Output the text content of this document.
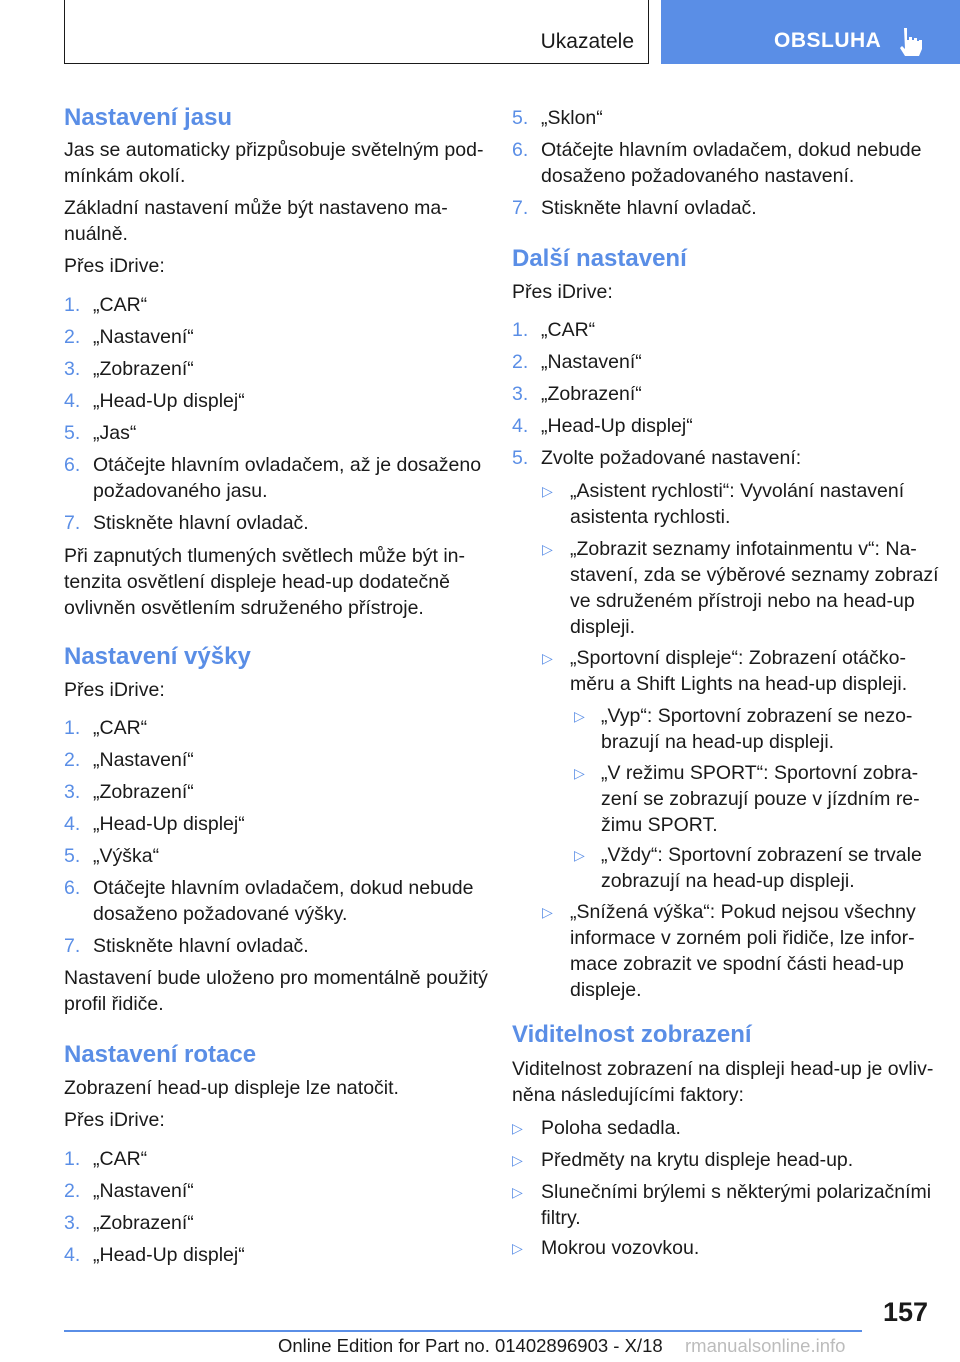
Ukazatele	OBSLUHA
Nastavení jasu
Jas se automaticky přizpůsobuje světelným pod-
mínkám okolí.
Základní nastavení může být nastaveno ma-
nuálně.
Přes iDrive:
1. „CAR“
2. „Nastavení“
3. „Zobrazení“
4. „Head-Up displej“
5. „Jas“
6. Otáčejte hlavním ovladačem, až je dosaženo
požadovaného jasu.
7. Stiskněte hlavní ovladač.
Při zapnutých tlumených světlech může být in-
tenzita osvětlení displeje head-up dodatečně
ovlivněn osvětlením sdruženého přístroje.
Nastavení výšky
Přes iDrive:
1. „CAR“
2. „Nastavení“
3. „Zobrazení“
4. „Head-Up displej“
5. „Výška“
6. Otáčejte hlavním ovladačem, dokud nebude
dosaženo požadované výšky.
7. Stiskněte hlavní ovladač.
Nastavení bude uloženo pro momentálně použitý
profil řidiče.
Nastavení rotace
Zobrazení head-up displeje lze natočit.
Přes iDrive:
1. „CAR“
2. „Nastavení“
3. „Zobrazení“
4. „Head-Up displej“
5. „Sklon“
6. Otáčejte hlavním ovladačem, dokud nebude
dosaženo požadovaného nastavení.
7. Stiskněte hlavní ovladač.
Další nastavení
Přes iDrive:
1. „CAR“
2. „Nastavení“
3. „Zobrazení“
4. „Head-Up displej“
5. Zvolte požadované nastavení:
▷ „Asistent rychlosti“: Vyvolání nastavení
asistenta rychlosti.
▷ „Zobrazit seznamy infotainmentu v“: Na-
stavení, zda se výběrové seznamy zobrazí
ve sdruženém přístroji nebo na head-up
displeji.
▷ „Sportovní displeje“: Zobrazení otáčko-
měru a Shift Lights na head-up displeji.
▷ „Vyp“: Sportovní zobrazení se nezo-
brazují na head-up displeji.
▷ „V režimu SPORT“: Sportovní zobra-
zení se zobrazují pouze v jízdním re-
žimu SPORT.
▷ „Vždy“: Sportovní zobrazení se trvale
zobrazují na head-up displeji.
▷ „Snížená výška“: Pokud nejsou všechny
informace v zorném poli řidiče, lze infor-
mace zobrazit ve spodní části head-up
displeje.
Viditelnost zobrazení
Viditelnost zobrazení na displeji head-up je ovliv-
něna následujícími faktory:
▷ Poloha sedadla.
▷ Předměty na krytu displeje head-up.
▷ Slunečními brýlemi s některými polarizačními
filtry.
▷ Mokrou vozovkou.
157
Online Edition for Part no. 01402896903 - X/18 rmanualsonline.info
